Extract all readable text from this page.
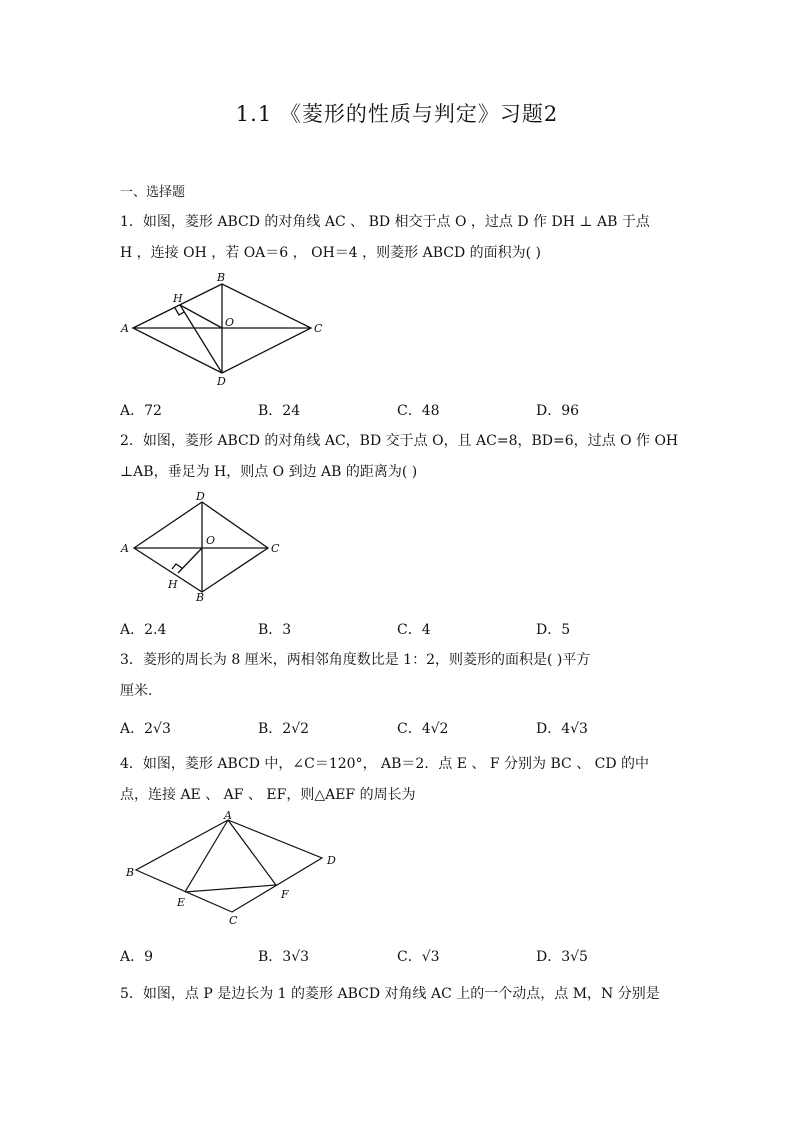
1.1 《菱形的性质与判定》习题2
一、选择题
1．如图，菱形 ABCD 的对角线 AC 、 BD 相交于点 O ，过点 D 作 DH ⊥ AB 于点
H ，连接 OH ，若 OA＝6 ， OH＝4 ，则菱形 ABCD 的面积为( )
A
B
C
D
O
H
A．72	B．24	C．48	D．96
2．如图，菱形 ABCD 的对角线 AC，BD 交于点 O，且 AC=8，BD=6，过点 O 作 OH
⊥AB，垂足为 H，则点 O 到边 AB 的距离为( )
A
B
C
D
O
H
A．2.4	B．3	C．4	D．5
3．菱形的周长为 8 厘米，两相邻角度数比是 1：2，则菱形的面积是( )平方
厘米.
A．2√3	B．2√2	C．4√2	D．4√3
4．如图，菱形 ABCD 中，∠C＝120°， AB＝2．点 E 、 F 分别为 BC 、 CD 的中
点，连接 AE 、 AF 、 EF，则△AEF 的周长为
A
B
C
D
E
F
A．9	B．3√3	C．√3	D．3√5
5．如图，点 P 是边长为 1 的菱形 ABCD 对角线 AC 上的一个动点，点 M，N 分别是
